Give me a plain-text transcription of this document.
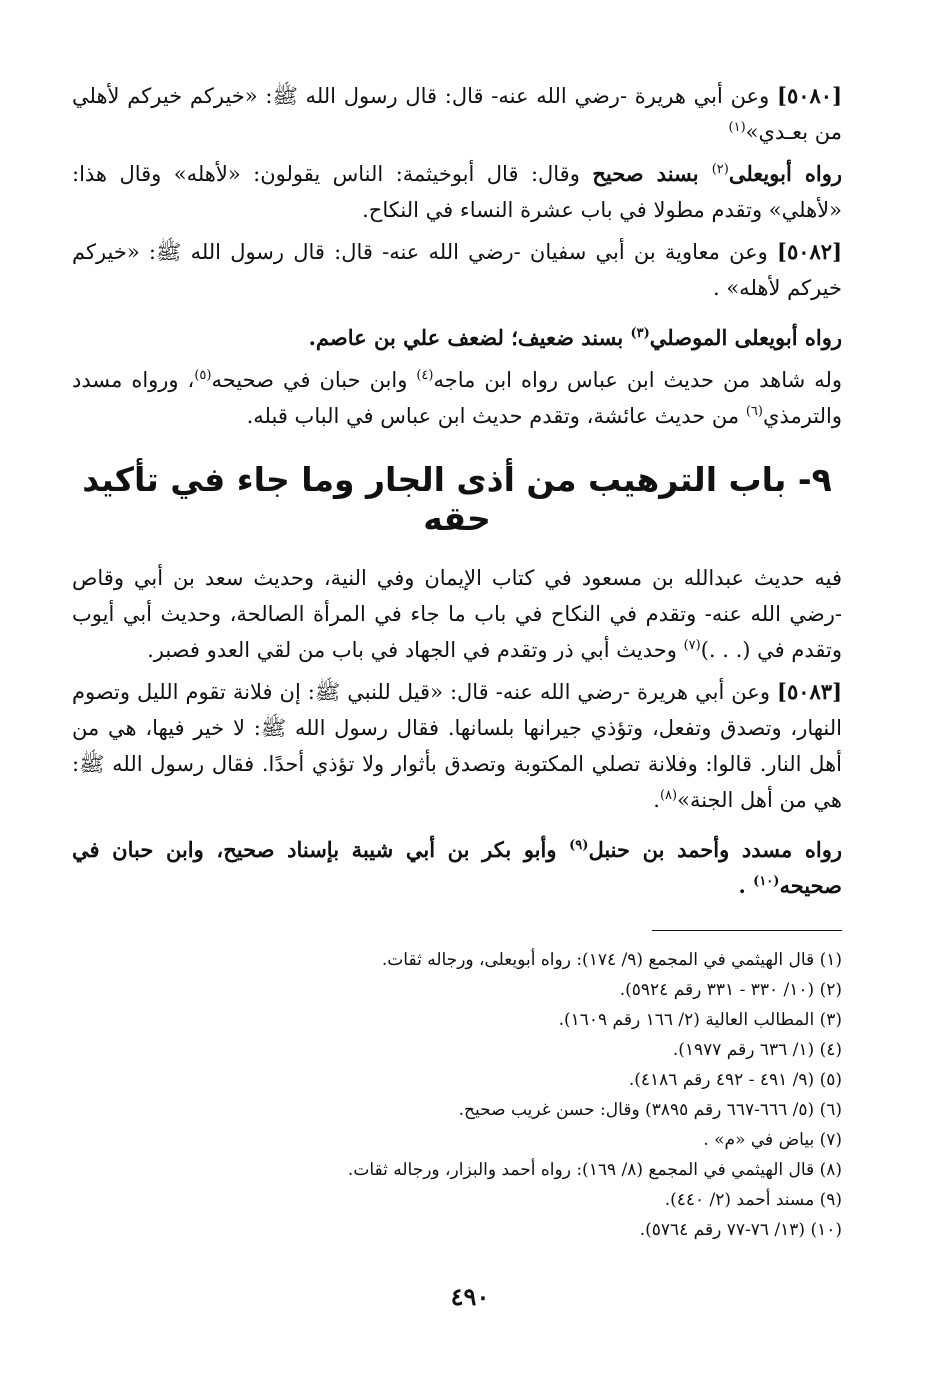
[٥٠٨٠] وعن أبي هريرة -رضي الله عنه- قال: قال رسول الله ﷺ: «خيركم خيركم لأهلي من بعـدي»$^{(١)}$

رواه أبويعلى$^{(٢)}$ بسند صحيح وقال: قال أبوخيثمة: الناس يقولون: «لأهله» وقال هذا: «لأهلي» وتقدم مطولا في باب عشرة النساء في النكاح.

[٥٠٨٢] وعن معاوية بن أبي سفيان -رضي الله عنه- قال: قال رسول الله ﷺ: «خيركم خيركم لأهله» .

رواه أبويعلى الموصلي$^{(٣)}$ بسند ضعيف؛ لضعف علي بن عاصم.

وله شاهد من حديث ابن عباس رواه ابن ماجه$^{(٤)}$ وابن حبان في صحيحه$^{(٥)}$، ورواه مسدد والترمذي$^{(٦)}$ من حديث عائشة، وتقدم حديث ابن عباس في الباب قبله.

٩- باب الترهيب من أذى الجار وما جاء في تأكيد حقه

فيه حديث عبدالله بن مسعود في كتاب الإيمان وفي النية، وحديث سعد بن أبي وقاص -رضي الله عنه- وتقدم في النكاح في باب ما جاء في المرأة الصالحة، وحديث أبي أيوب وتقدم في (. . .)$^{(٧)}$ وحديث أبي ذر وتقدم في الجهاد في باب من لقي العدو فصبر.

[٥٠٨٣] وعن أبي هريرة -رضي الله عنه- قال: «قيل للنبي ﷺ: إن فلانة تقوم الليل وتصوم النهار، وتصدق وتفعل، وتؤذي جيرانها بلسانها. فقال رسول الله ﷺ: لا خير فيها، هي من أهل النار. قالوا: وفلانة تصلي المكتوبة وتصدق بأثوار ولا تؤذي أحدًا. فقال رسول الله ﷺ: هي من أهل الجنة»$^{(٨)}$.

رواه مسدد وأحمد بن حنبل$^{(٩)}$ وأبو بكر بن أبي شيبة بإسناد صحيح، وابن حبان في صحيحه$^{(١٠)}$ .

(١) قال الهيثمي في المجمع (٩/ ١٧٤): رواه أبويعلى، ورجاله ثقات.

(٢) (١٠/ ٣٣٠ - ٣٣١ رقم ٥٩٢٤).

(٣) المطالب العالية (٢/ ١٦٦ رقم ١٦٠٩).

(٤) (١/ ٦٣٦ رقم ١٩٧٧).

(٥) (٩/ ٤٩١ - ٤٩٢ رقم ٤١٨٦).

(٦) (٥/ ٦٦٦-٦٦٧ رقم ٣٨٩٥) وقال: حسن غريب صحيح.

(٧) بياض في «م» .

(٨) قال الهيثمي في المجمع (٨/ ١٦٩): رواه أحمد والبزار، ورجاله ثقات.

(٩) مسند أحمد (٢/ ٤٤٠).

(١٠) (١٣/ ٧٦-٧٧ رقم ٥٧٦٤).

٤٩٠
